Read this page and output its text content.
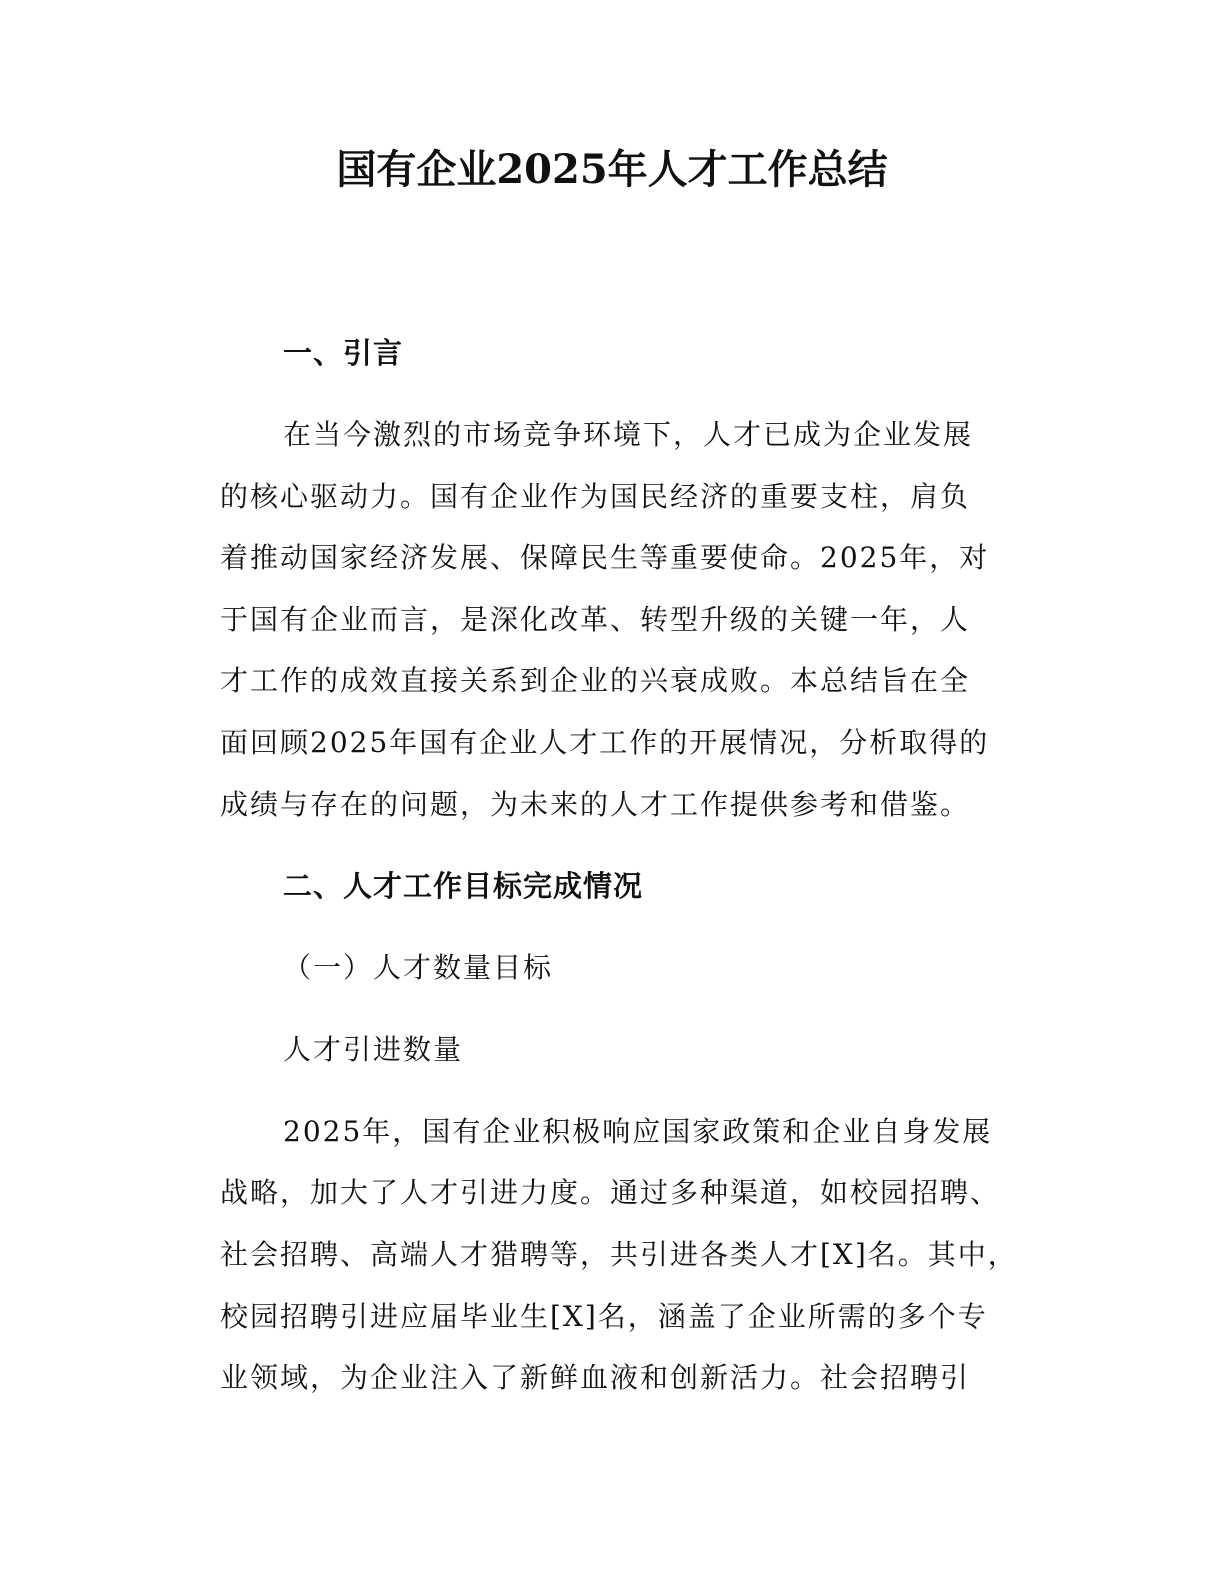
国有企业2025年人才工作总结
一、引言
在当今激烈的市场竞争环境下，人才已成为企业发展
的核心驱动力。国有企业作为国民经济的重要支柱，肩负
着推动国家经济发展、保障民生等重要使命。2025年，对
于国有企业而言，是深化改革、转型升级的关键一年，人
才工作的成效直接关系到企业的兴衰成败。本总结旨在全
面回顾2025年国有企业人才工作的开展情况，分析取得的
成绩与存在的问题，为未来的人才工作提供参考和借鉴。
二、人才工作目标完成情况
（一）人才数量目标
人才引进数量
2025年，国有企业积极响应国家政策和企业自身发展
战略，加大了人才引进力度。通过多种渠道，如校园招聘、
社会招聘、高端人才猎聘等，共引进各类人才[X]名。其中，
校园招聘引进应届毕业生[X]名，涵盖了企业所需的多个专
业领域，为企业注入了新鲜血液和创新活力。社会招聘引
